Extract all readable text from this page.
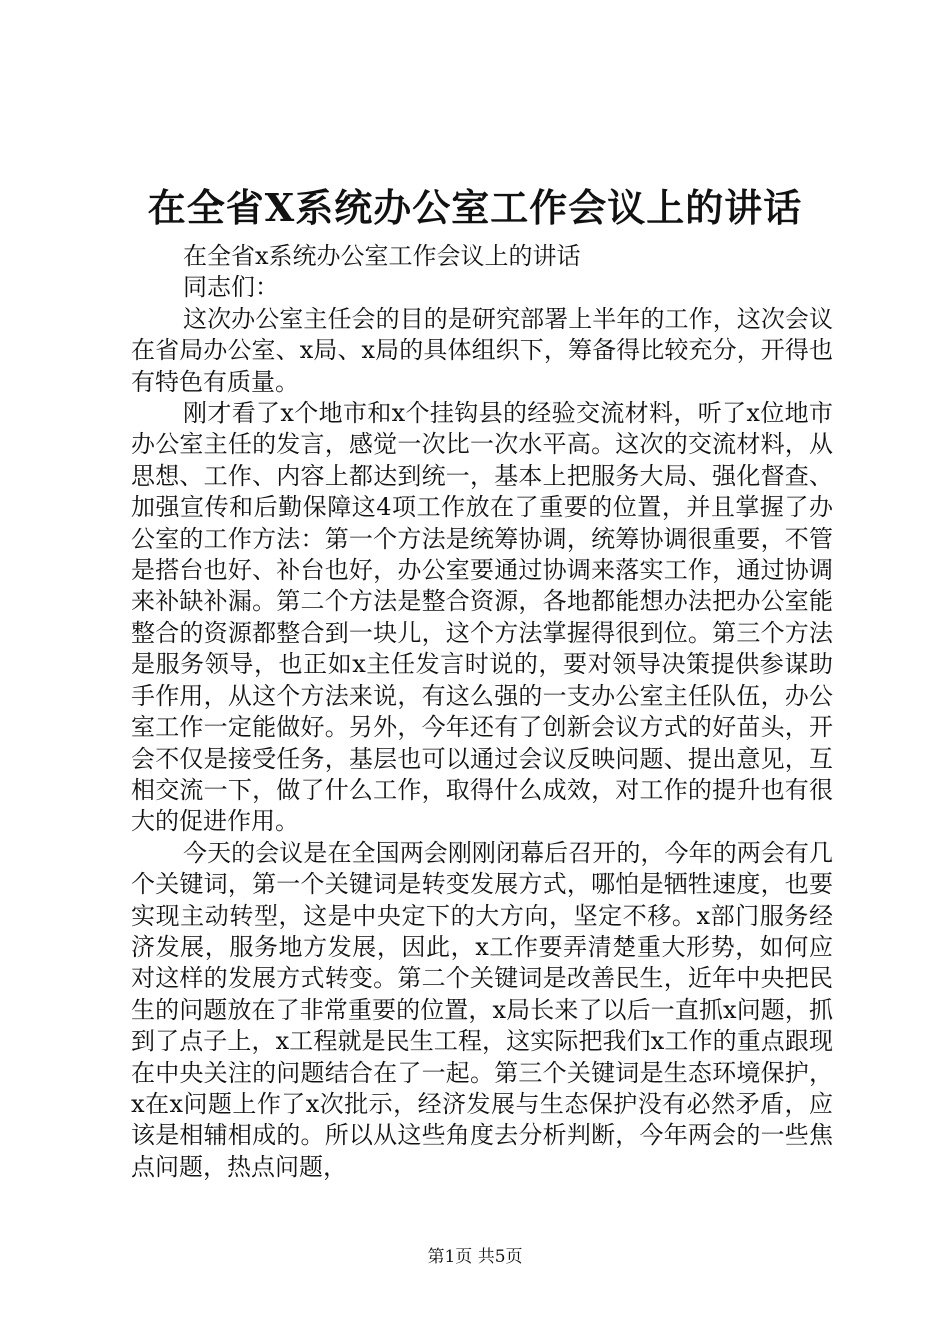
在全省X系统办公室工作会议上的讲话

在全省x系统办公室工作会议上的讲话

同志们：

这次办公室主任会的目的是研究部署上半年的工作，这次会议在省局办公室、x局、x局的具体组织下，筹备得比较充分，开得也有特色有质量。

刚才看了x个地市和x个挂钩县的经验交流材料，听了x位地市办公室主任的发言，感觉一次比一次水平高。这次的交流材料，从思想、工作、内容上都达到统一，基本上把服务大局、强化督查、加强宣传和后勤保障这4项工作放在了重要的位置，并且掌握了办公室的工作方法：第一个方法是统筹协调，统筹协调很重要，不管是搭台也好、补台也好，办公室要通过协调来落实工作，通过协调来补缺补漏。第二个方法是整合资源，各地都能想办法把办公室能整合的资源都整合到一块儿，这个方法掌握得很到位。第三个方法是服务领导，也正如x主任发言时说的，要对领导决策提供参谋助手作用，从这个方法来说，有这么强的一支办公室主任队伍，办公室工作一定能做好。另外，今年还有了创新会议方式的好苗头，开会不仅是接受任务，基层也可以通过会议反映问题、提出意见，互相交流一下，做了什么工作，取得什么成效，对工作的提升也有很大的促进作用。

今天的会议是在全国两会刚刚闭幕后召开的，今年的两会有几个关键词，第一个关键词是转变发展方式，哪怕是牺牲速度，也要实现主动转型，这是中央定下的大方向，坚定不移。x部门服务经济发展，服务地方发展，因此，x工作要弄清楚重大形势，如何应对这样的发展方式转变。第二个关键词是改善民生，近年中央把民生的问题放在了非常重要的位置，x局长来了以后一直抓x问题，抓到了点子上，x工程就是民生工程，这实际把我们x工作的重点跟现在中央关注的问题结合在了一起。第三个关键词是生态环境保护，x在x问题上作了x次批示，经济发展与生态保护没有必然矛盾，应该是相辅相成的。所以从这些角度去分析判断，今年两会的一些焦点问题，热点问题，

第1页 共5页
